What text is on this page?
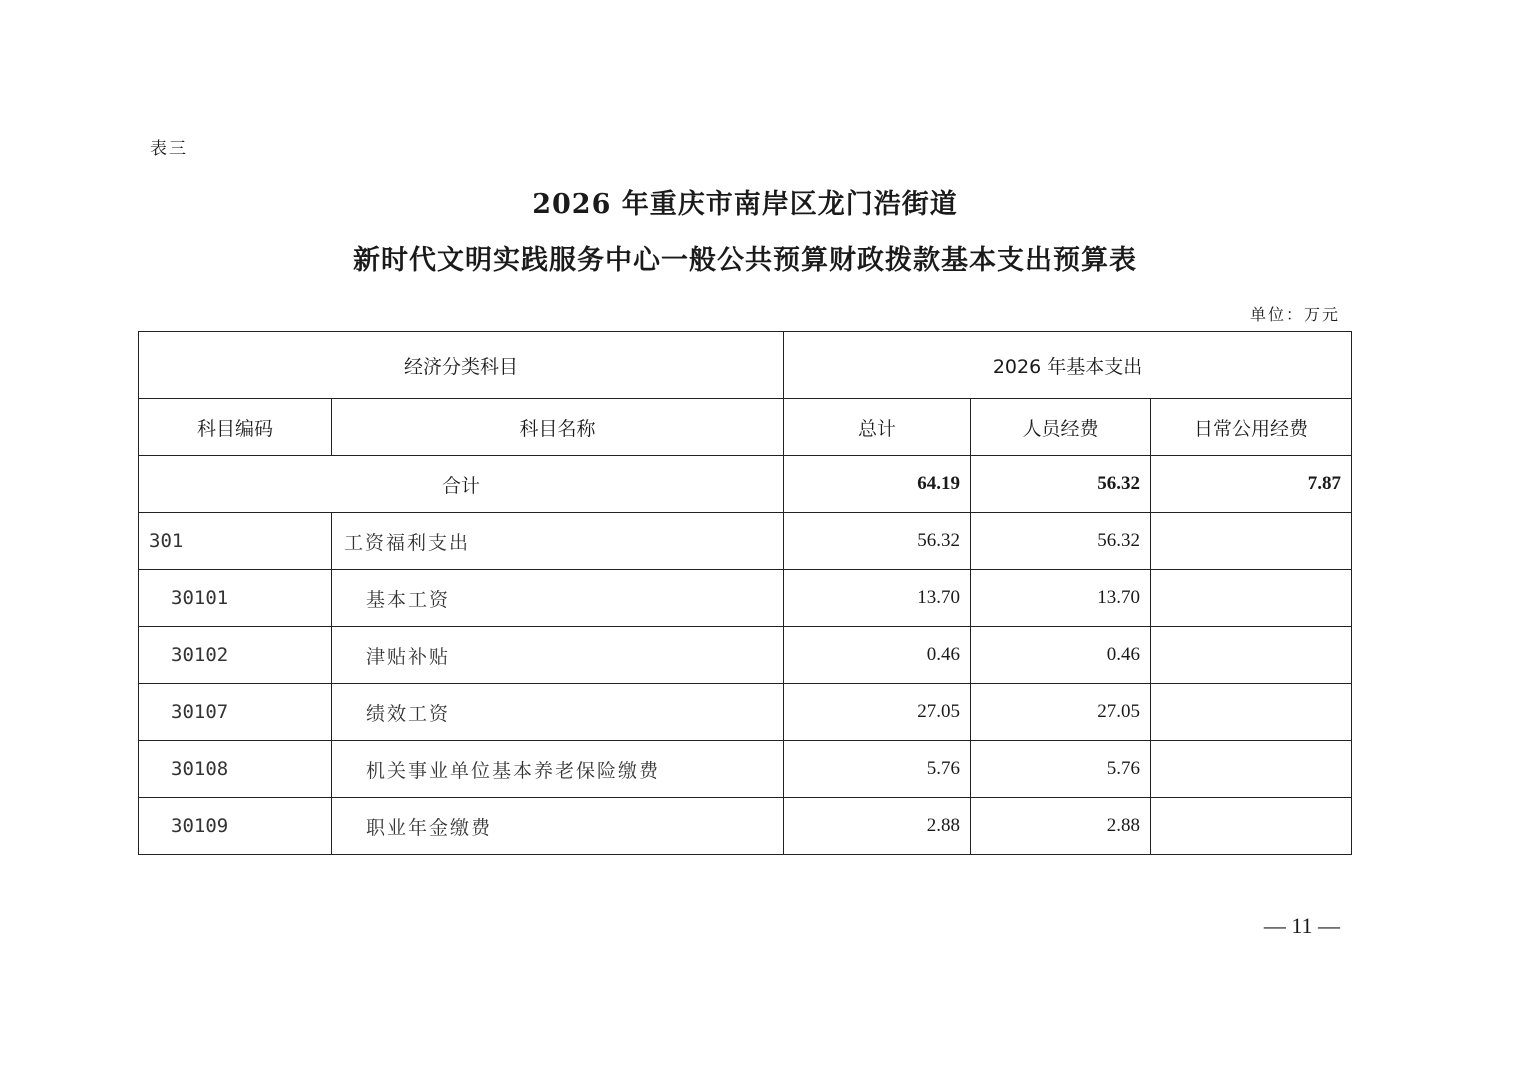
表三
2026 年重庆市南岸区龙门浩街道
新时代文明实践服务中心一般公共预算财政拨款基本支出预算表
单位：万元
经济分类科目		2026 年基本支出		
科目编码	科目名称	总计	人员经费	日常公用经费
合计		64.19	56.32	7.87
301	工资福利支出	56.32	56.32	
30101	基本工资	13.70	13.70	
30102	津贴补贴	0.46	0.46	
30107	绩效工资	27.05	27.05	
30108	机关事业单位基本养老保险缴费	5.76	5.76	
30109	职业年金缴费	2.88	2.88	
— 11 —
